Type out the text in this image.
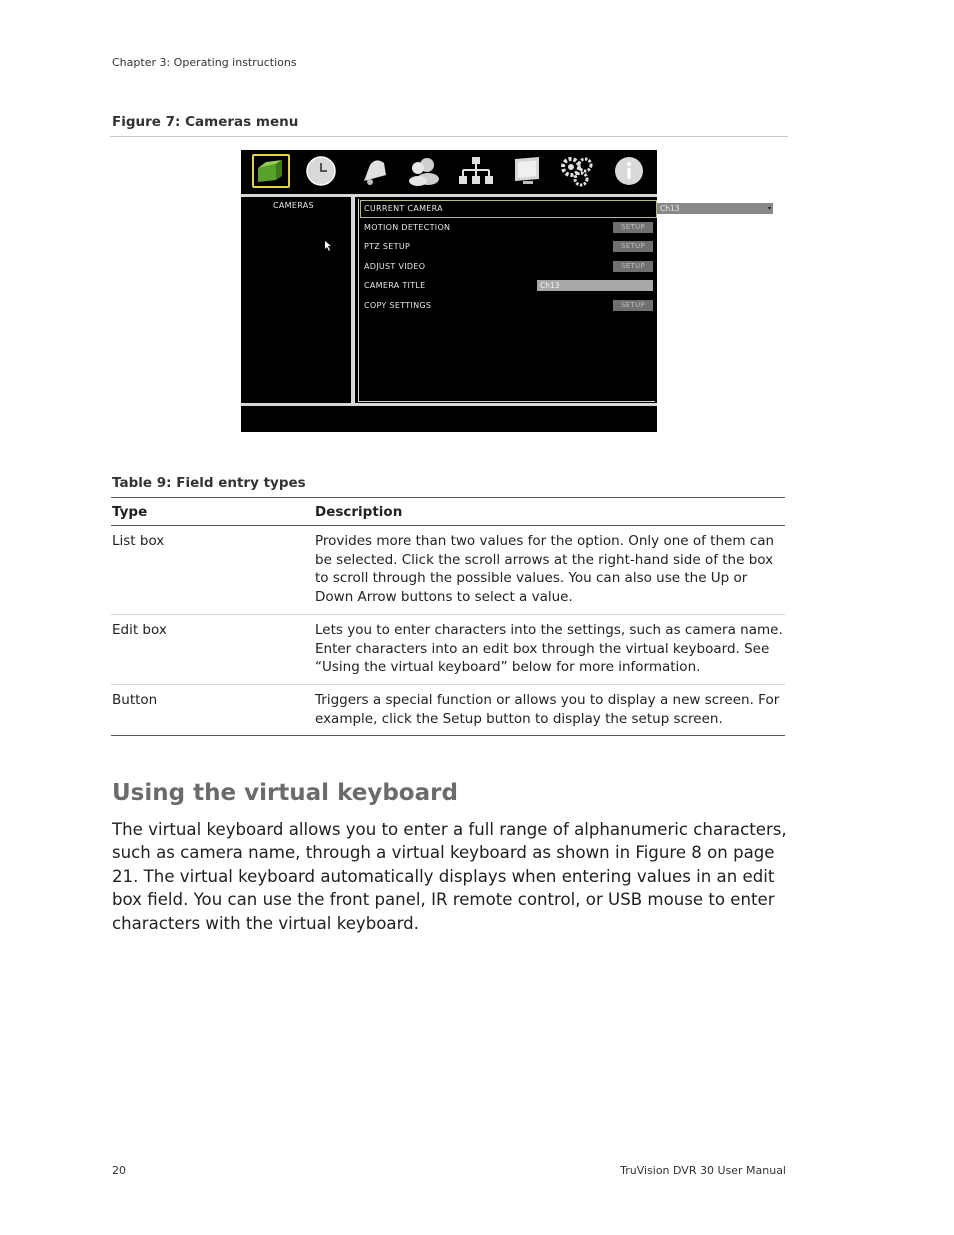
Chapter 3: Operating instructions
Figure 7: Cameras menu
CAMERAS	CURRENT CAMERA	Ch13	▾
MOTION DETECTION	SETUP
PTZ SETUP	SETUP
ADJUST VIDEO	SETUP
CAMERA TITLE	Ch13
COPY SETTINGS	SETUP
Table 9: Field entry types
Type	Description
List box	Provides more than two values for the option. Only one of them can be selected. Click the scroll arrows at the right-hand side of the box to scroll through the possible values. You can also use the Up or Down Arrow buttons to select a value.
Edit box	Lets you to enter characters into the settings, such as camera name. Enter characters into an edit box through the virtual keyboard. See “Using the virtual keyboard” below for more information.
Button	Triggers a special function or allows you to display a new screen. For example, click the Setup button to display the setup screen.
Using the virtual keyboard
The virtual keyboard allows you to enter a full range of alphanumeric characters, such as camera name, through a virtual keyboard as shown in Figure 8 on page 21. The virtual keyboard automatically displays when entering values in an edit box field. You can use the front panel, IR remote control, or USB mouse to enter characters with the virtual keyboard.
20	TruVision DVR 30 User Manual
